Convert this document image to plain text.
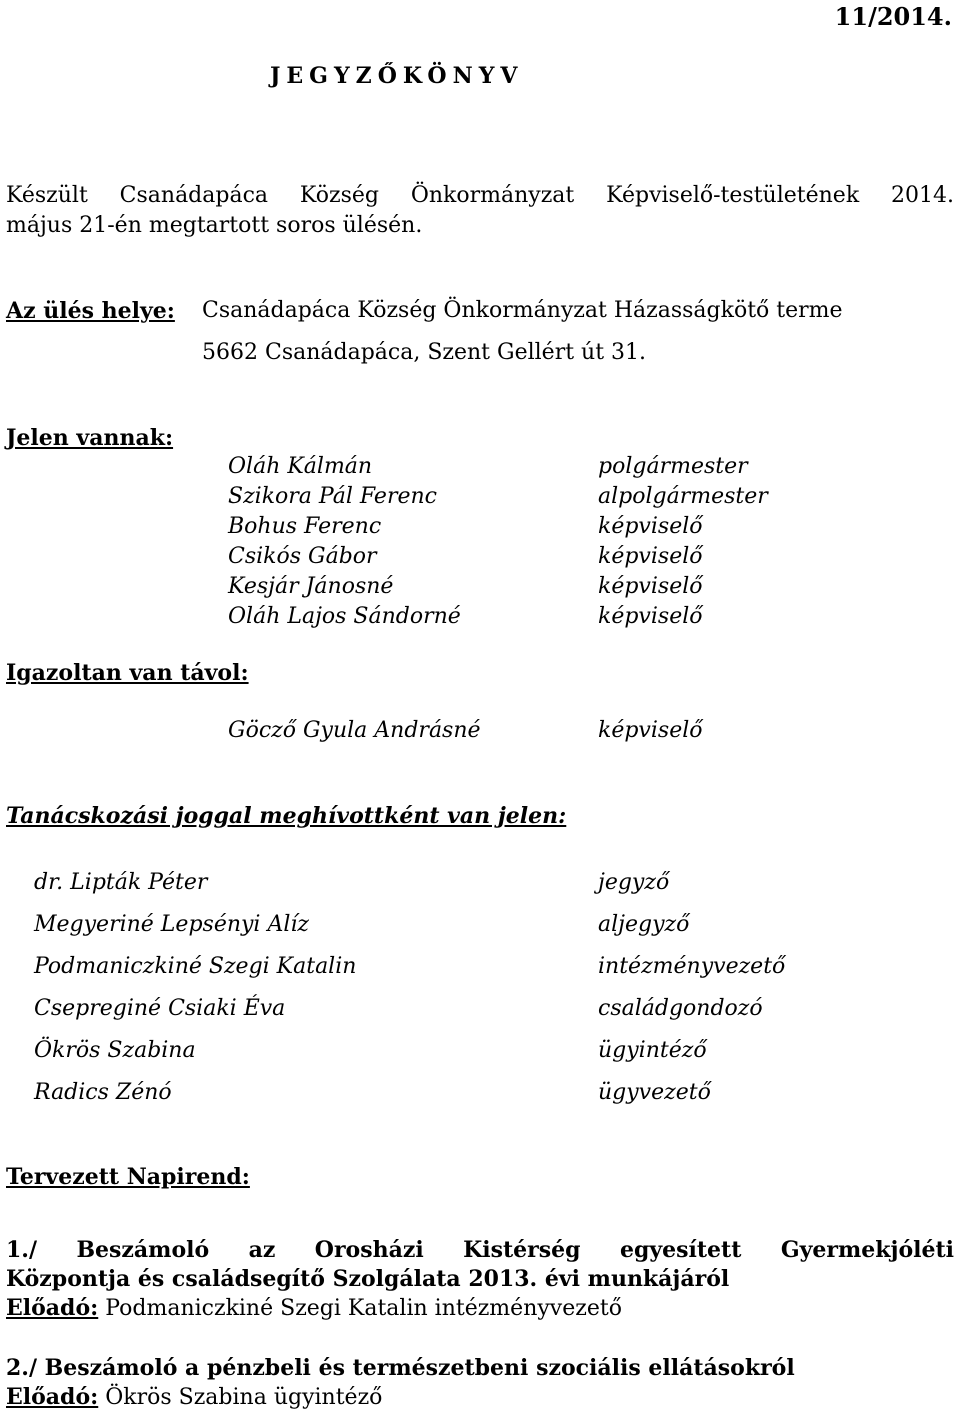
11/2014.
JEGYZŐKÖNYV
Készült Csanádapáca Község Önkormányzat Képviselő-testületének 2014.
május 21-én megtartott soros ülésén.
Az ülés helye: Csanádapáca Község Önkormányzat Házasságkötő terme
5662 Csanádapáca, Szent Gellért út 31.
Jelen vannak:
Oláh Kálmán
Szikora Pál Ferenc
Bohus Ferenc
Csikós Gábor
Kesjár Jánosné
Oláh Lajos Sándorné
polgármester
alpolgármester
képviselő
képviselő
képviselő
képviselő
Igazoltan van távol:
Göcző Gyula Andrásné	képviselő
Tanácskozási joggal meghívottként van jelen:
dr. Lipták Péter
Megyeriné Lepsényi Alíz
Podmaniczkiné Szegi Katalin
Csepreginé Csiaki Éva
Ökrös Szabina
Radics Zénó
jegyző
aljegyző
intézményvezető
családgondozó
ügyintéző
ügyvezető
Tervezett Napirend:
1./ Beszámoló az Orosházi Kistérség egyesített Gyermekjóléti
Központja és családsegítő Szolgálata 2013. évi munkájáról
Előadó: Podmaniczkiné Szegi Katalin intézményvezető
2./ Beszámoló a pénzbeli és természetbeni szociális ellátásokról
Előadó: Ökrös Szabina ügyintéző
